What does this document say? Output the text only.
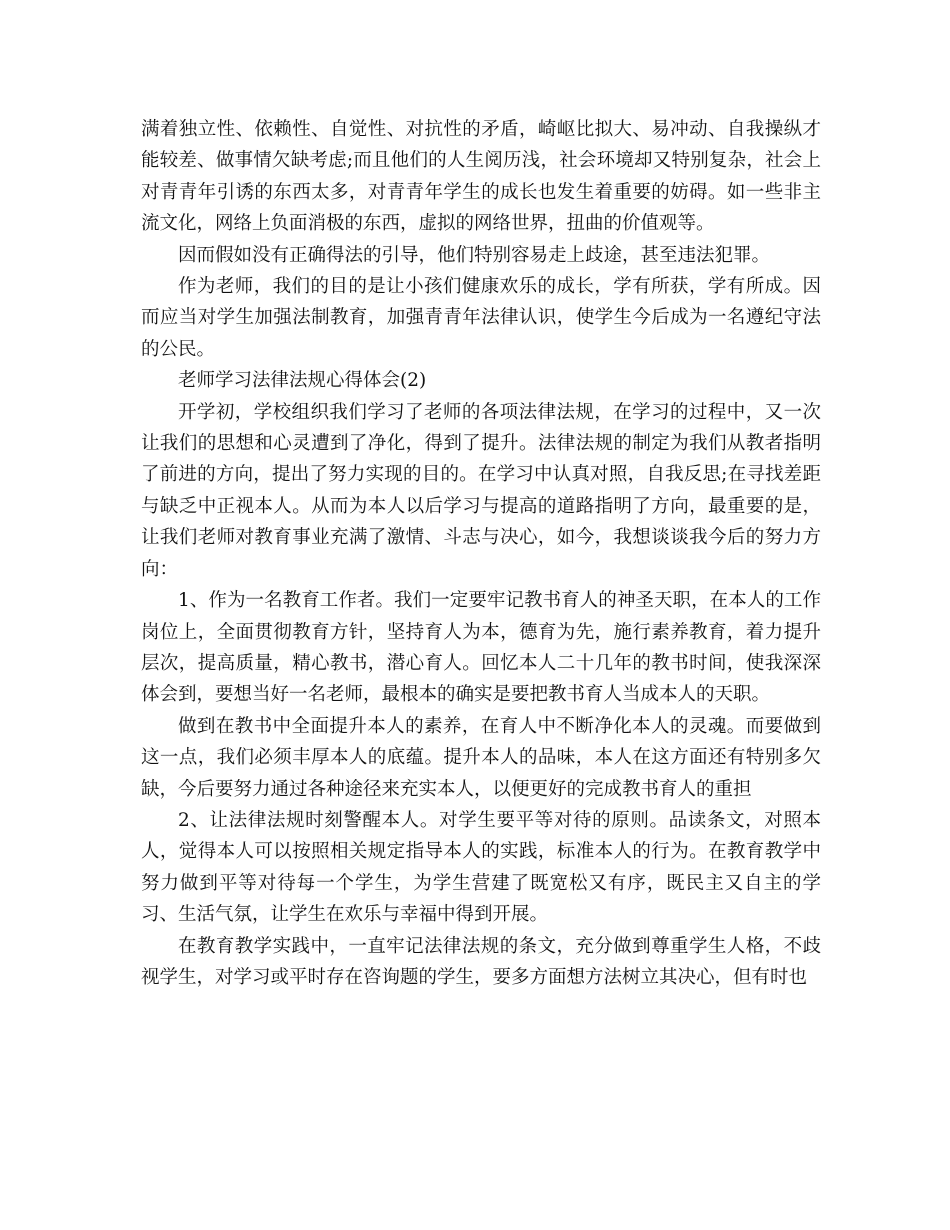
满着独立性、依赖性、自觉性、对抗性的矛盾，崎岖比拟大、易冲动、自我操纵才能较差、做事情欠缺考虑;而且他们的人生阅历浅，社会环境却又特别复杂，社会上对青青年引诱的东西太多，对青青年学生的成长也发生着重要的妨碍。如一些非主流文化，网络上负面消极的东西，虚拟的网络世界，扭曲的价值观等。

因而假如没有正确得法的引导，他们特别容易走上歧途，甚至违法犯罪。

作为老师，我们的目的是让小孩们健康欢乐的成长，学有所获，学有所成。因而应当对学生加强法制教育，加强青青年法律认识，使学生今后成为一名遵纪守法的公民。

老师学习法律法规心得体会(2)

开学初，学校组织我们学习了老师的各项法律法规，在学习的过程中，又一次让我们的思想和心灵遭到了净化，得到了提升。法律法规的制定为我们从教者指明了前进的方向，提出了努力实现的目的。在学习中认真对照，自我反思;在寻找差距与缺乏中正视本人。从而为本人以后学习与提高的道路指明了方向，最重要的是，让我们老师对教育事业充满了激情、斗志与决心，如今，我想谈谈我今后的努力方向：

1、作为一名教育工作者。我们一定要牢记教书育人的神圣天职，在本人的工作岗位上，全面贯彻教育方针，坚持育人为本，德育为先，施行素养教育，着力提升层次，提高质量，精心教书，潜心育人。回忆本人二十几年的教书时间，使我深深体会到，要想当好一名老师，最根本的确实是要把教书育人当成本人的天职。

做到在教书中全面提升本人的素养，在育人中不断净化本人的灵魂。而要做到这一点，我们必须丰厚本人的底蕴。提升本人的品味，本人在这方面还有特别多欠缺，今后要努力通过各种途径来充实本人，以便更好的完成教书育人的重担

2、让法律法规时刻警醒本人。对学生要平等对待的原则。品读条文，对照本人，觉得本人可以按照相关规定指导本人的实践，标准本人的行为。在教育教学中努力做到平等对待每一个学生，为学生营建了既宽松又有序，既民主又自主的学习、生活气氛，让学生在欢乐与幸福中得到开展。

在教育教学实践中，一直牢记法律法规的条文，充分做到尊重学生人格，不歧视学生，对学习或平时存在咨询题的学生，要多方面想方法树立其决心，但有时也
